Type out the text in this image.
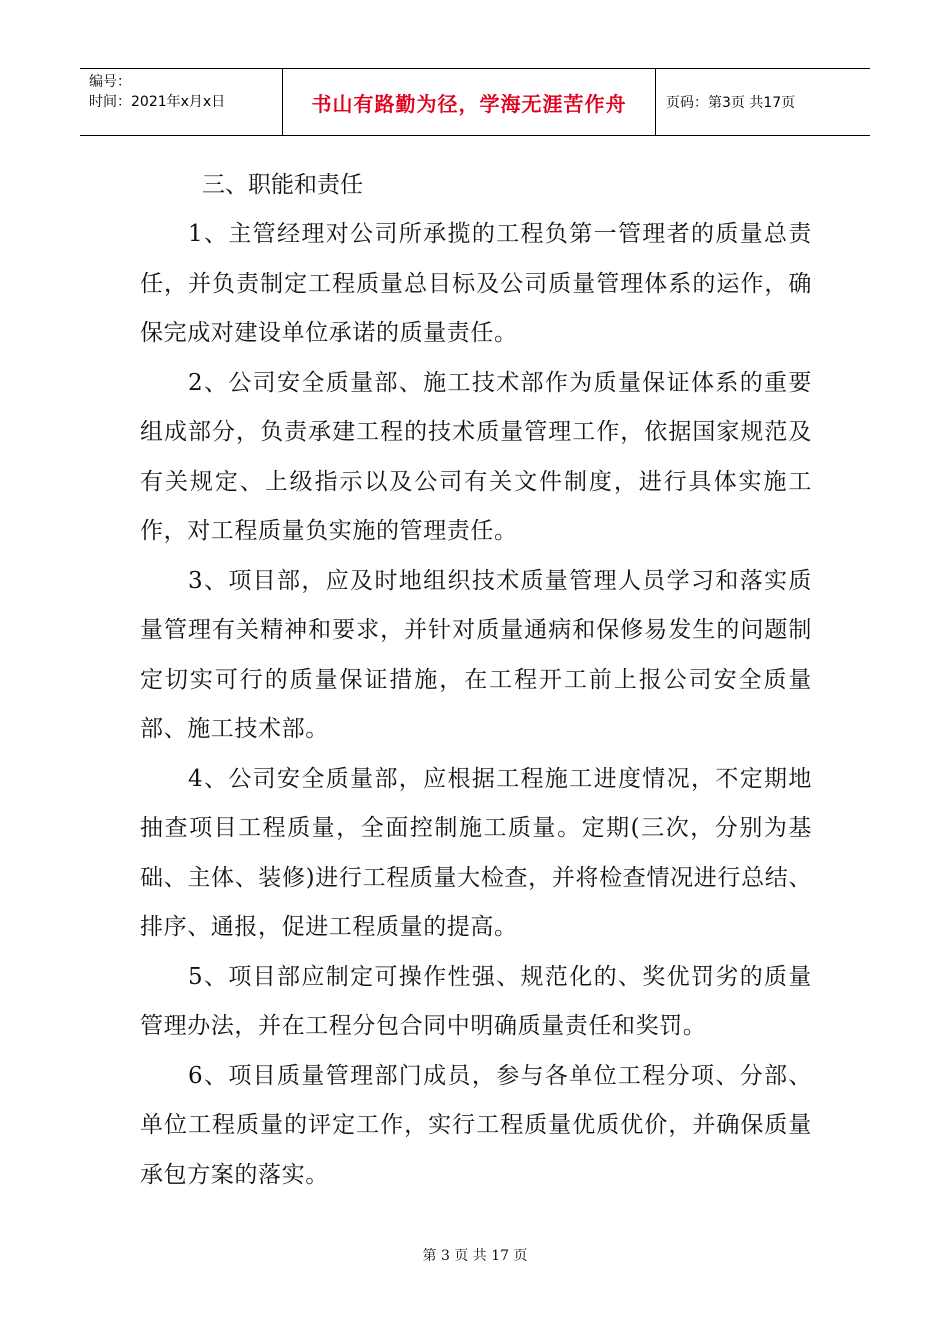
编号：
时间：2021年x月x日	书山有路勤为径，学海无涯苦作舟	页码：第3页 共17页
三、职能和责任

1、主管经理对公司所承揽的工程负第一管理者的质量总责任，并负责制定工程质量总目标及公司质量管理体系的运作，确保完成对建设单位承诺的质量责任。

2、公司安全质量部、施工技术部作为质量保证体系的重要组成部分，负责承建工程的技术质量管理工作，依据国家规范及有关规定、上级指示以及公司有关文件制度，进行具体实施工作，对工程质量负实施的管理责任。

3、项目部，应及时地组织技术质量管理人员学习和落实质量管理有关精神和要求，并针对质量通病和保修易发生的问题制定切实可行的质量保证措施，在工程开工前上报公司安全质量部、施工技术部。

4、公司安全质量部，应根据工程施工进度情况，不定期地抽查项目工程质量，全面控制施工质量。定期(三次，分别为基础、主体、装修)进行工程质量大检查，并将检查情况进行总结、排序、通报，促进工程质量的提高。

5、项目部应制定可操作性强、规范化的、奖优罚劣的质量管理办法，并在工程分包合同中明确质量责任和奖罚。

6、项目质量管理部门成员，参与各单位工程分项、分部、单位工程质量的评定工作，实行工程质量优质优价，并确保质量承包方案的落实。

第 3 页 共 17 页
